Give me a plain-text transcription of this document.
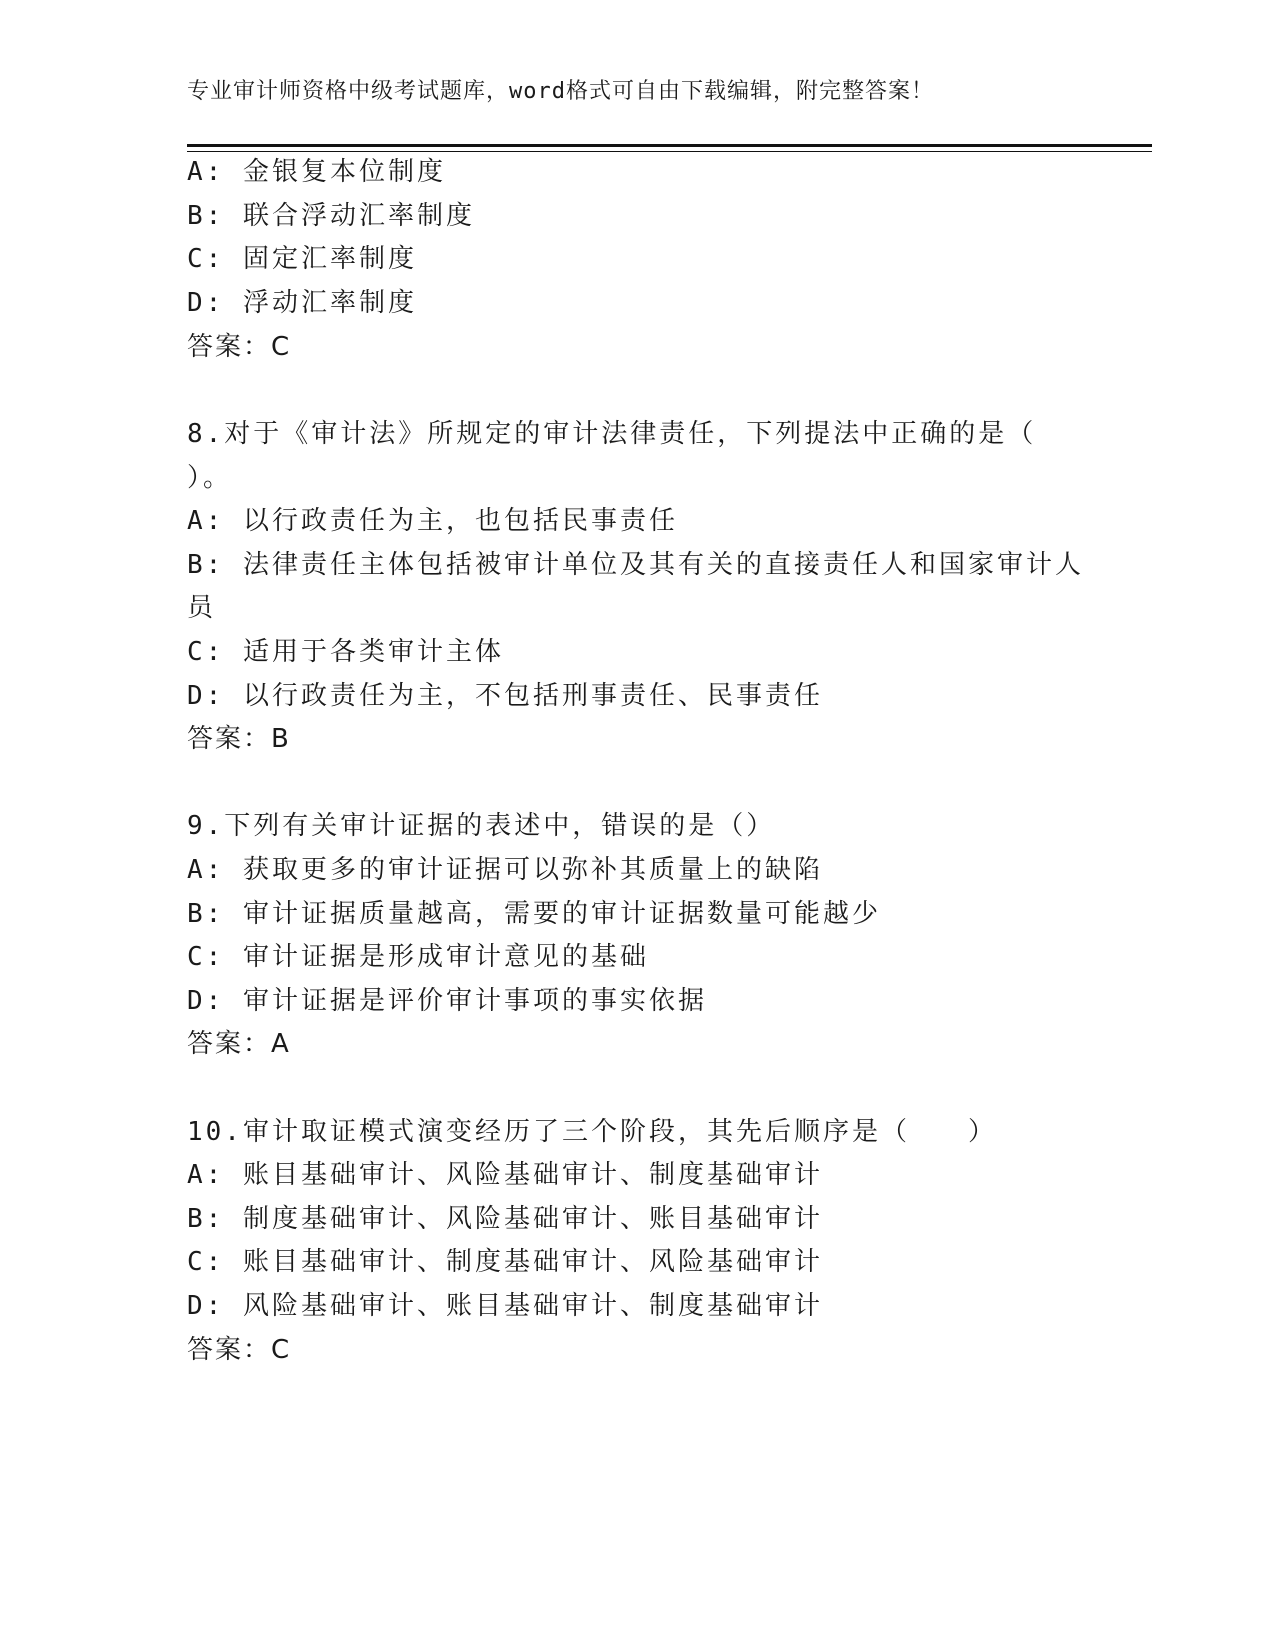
专业审计师资格中级考试题库，word格式可自由下载编辑，附完整答案！
A: 金银复本位制度
B: 联合浮动汇率制度
C: 固定汇率制度
D: 浮动汇率制度
答案：C
8.对于《审计法》所规定的审计法律责任，下列提法中正确的是（
）。
A: 以行政责任为主，也包括民事责任
B: 法律责任主体包括被审计单位及其有关的直接责任人和国家审计人
员
C: 适用于各类审计主体
D: 以行政责任为主，不包括刑事责任、民事责任
答案：B
9.下列有关审计证据的表述中，错误的是（）
A: 获取更多的审计证据可以弥补其质量上的缺陷
B: 审计证据质量越高，需要的审计证据数量可能越少
C: 审计证据是形成审计意见的基础
D: 审计证据是评价审计事项的事实依据
答案：A
10.审计取证模式演变经历了三个阶段，其先后顺序是（　　）
A: 账目基础审计、风险基础审计、制度基础审计
B: 制度基础审计、风险基础审计、账目基础审计
C: 账目基础审计、制度基础审计、风险基础审计
D: 风险基础审计、账目基础审计、制度基础审计
答案：C
